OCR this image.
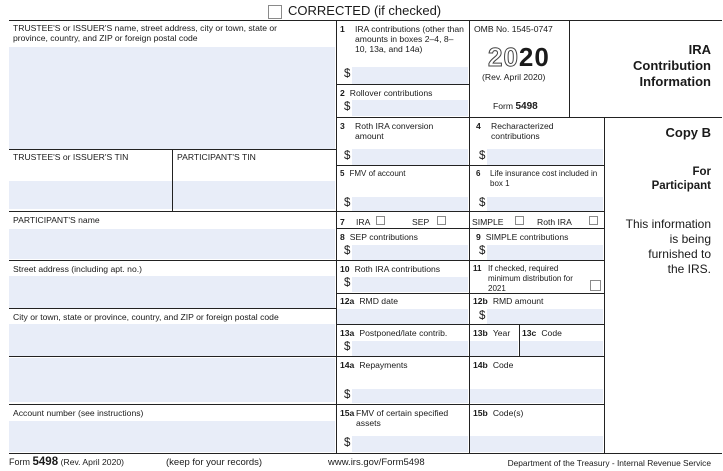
CORRECTED (if checked)
TRUSTEE'S or ISSUER'S name, street address, city or town, state or province, country, and ZIP or foreign postal code
TRUSTEE'S or ISSUER'S TIN	PARTICIPANT'S TIN
PARTICIPANT'S name
Street address (including apt. no.)
City or town, state or province, country, and ZIP or foreign postal code
Account number (see instructions)
1 IRA contributions (other than amounts in boxes 2–4, 8–10, 13a, and 14a)
$
OMB No. 1545-0747
2020
(Rev. April 2020)
Form 5498
IRA
Contribution
Information
Copy B
For
Participant
This information
is being
furnished to
the IRS.
2 Rollover contributions
$
3 Roth IRA conversion amount
$
4 Recharacterized contributions
$
5 FMV of account
$
6 Life insurance cost included in box 1
$
7	IRA	SEP	SIMPLE	Roth IRA
8 SEP contributions
$
9 SIMPLE contributions
$
10 Roth IRA contributions
$
11 If checked, required minimum distribution for 2021
12a RMD date	12b RMD amount
$
13a Postponed/late contrib.
$
13b Year 13c Code
14a Repayments
$
14b Code
15a FMV of certain specified assets
$
15b Code(s)
Form 5498 (Rev. April 2020)	(keep for your records)	www.irs.gov/Form5498	Department of the Treasury - Internal Revenue Service
